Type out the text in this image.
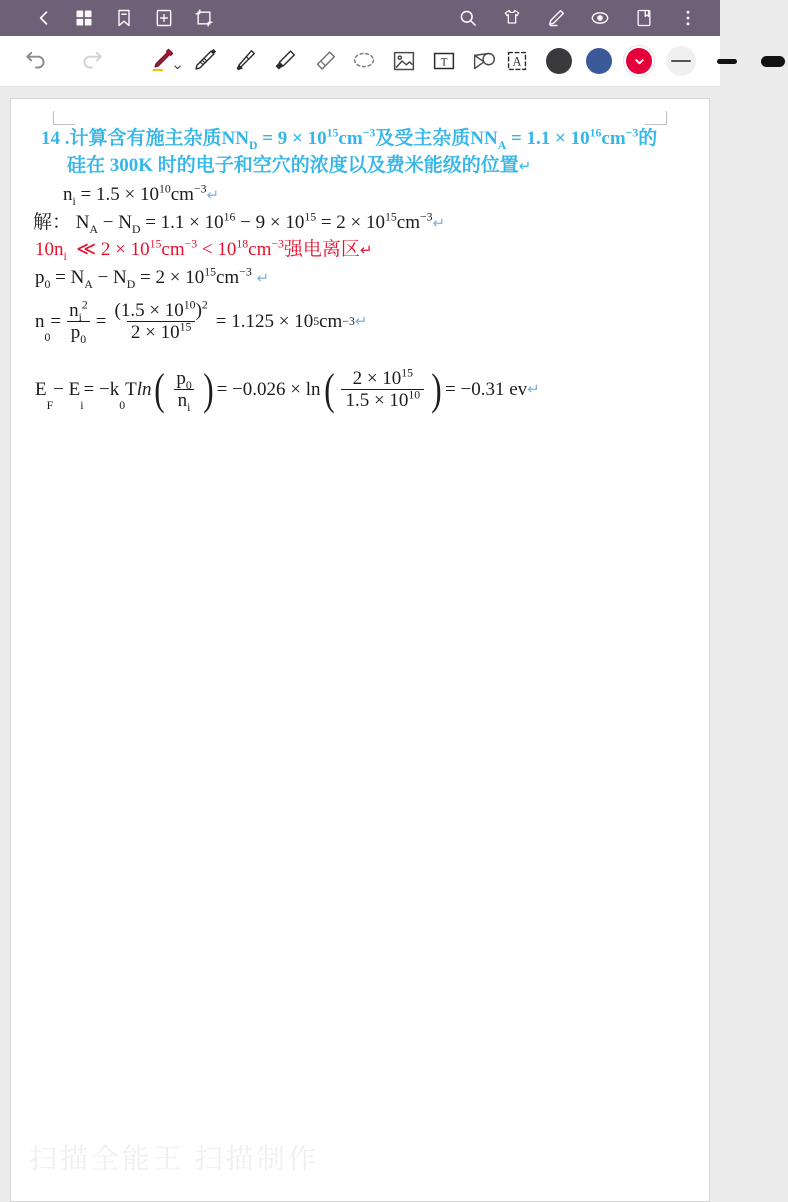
T	A
14 .计算含有施主杂质$NN_D = 9 \times 10^{15}cm^{-3}$及受主杂质$NN_A = 1.1 \times 10^{16}cm^{-3}$的
硅在 300K 时的电子和空穴的浓度以及费米能级的位置↵
$n_i = 1.5$ × $10^{10}cm^{-3}↵$
解： $N_A - N_D = 1.1 \times 10^{16} - 9 \times 10^{15} = 2$ × $10^{15}cm^{-3}↵$
$10n_i$  ≪ $2 \times 10^{15}cm^{-3} < 10^{18}cm^{-3}$强电离区↵
$p_0 = N_A - N_D = 2 \times 10^{15}cm^{-3}$ ↵
n
0
= $\frac{n_i^2}{p_0} = \frac{(1.5 \times 10^{10})^2}{2 \times 10^{15}} = 1.125 \times 10$ 5 cm −3 ↵
E
F
− E
i
= −k
0
T ln ( $\frac{p_0}{n_i}$ ) = −0.026 × ln ( $\frac{2 \times 10^{15}}{1.5 \times 10^{10}}$ ) = −0.31 ev ↵
扫描全能王 扫描制作
